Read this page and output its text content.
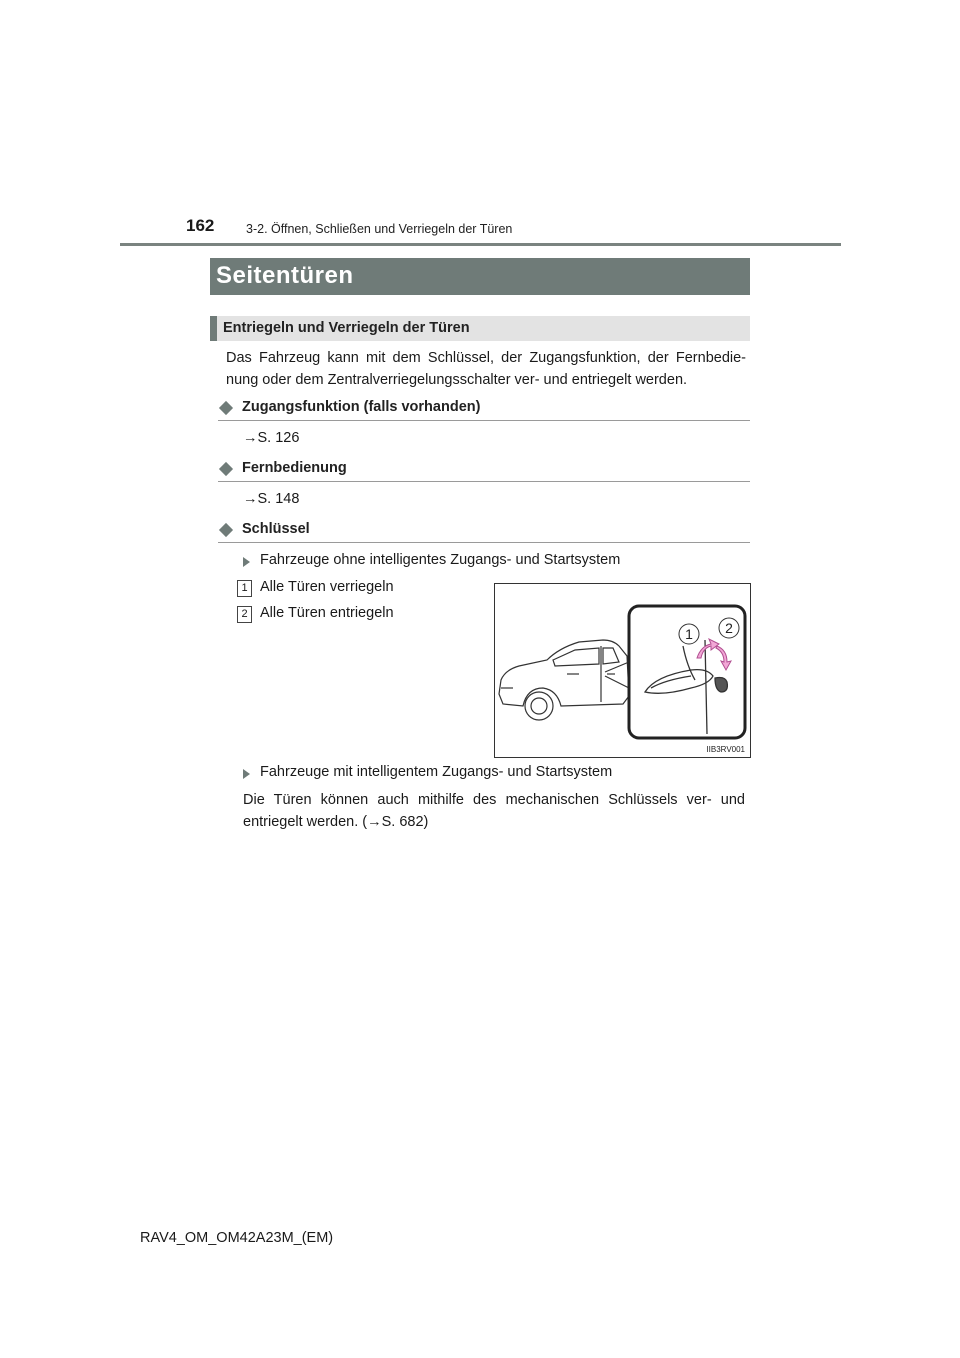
162	3-2. Öffnen, Schließen und Verriegeln der Türen
Seitentüren
Entriegeln und Verriegeln der Türen
Das Fahrzeug kann mit dem Schlüssel, der Zugangsfunktion, der Fernbedie-
nung oder dem Zentralverriegelungsschalter ver- und entriegelt werden.
Zugangsfunktion (falls vorhanden)
→S. 126
Fernbedienung
→S. 148
Schlüssel
Fahrzeuge ohne intelligentes Zugangs- und Startsystem
1 Alle Türen verriegeln
2 Alle Türen entriegeln
1 2
IIB3RV001
Fahrzeuge mit intelligentem Zugangs- und Startsystem
Die Türen können auch mithilfe des mechanischen Schlüssels ver- und
entriegelt werden. (→S. 682)
RAV4_OM_OM42A23M_(EM)
